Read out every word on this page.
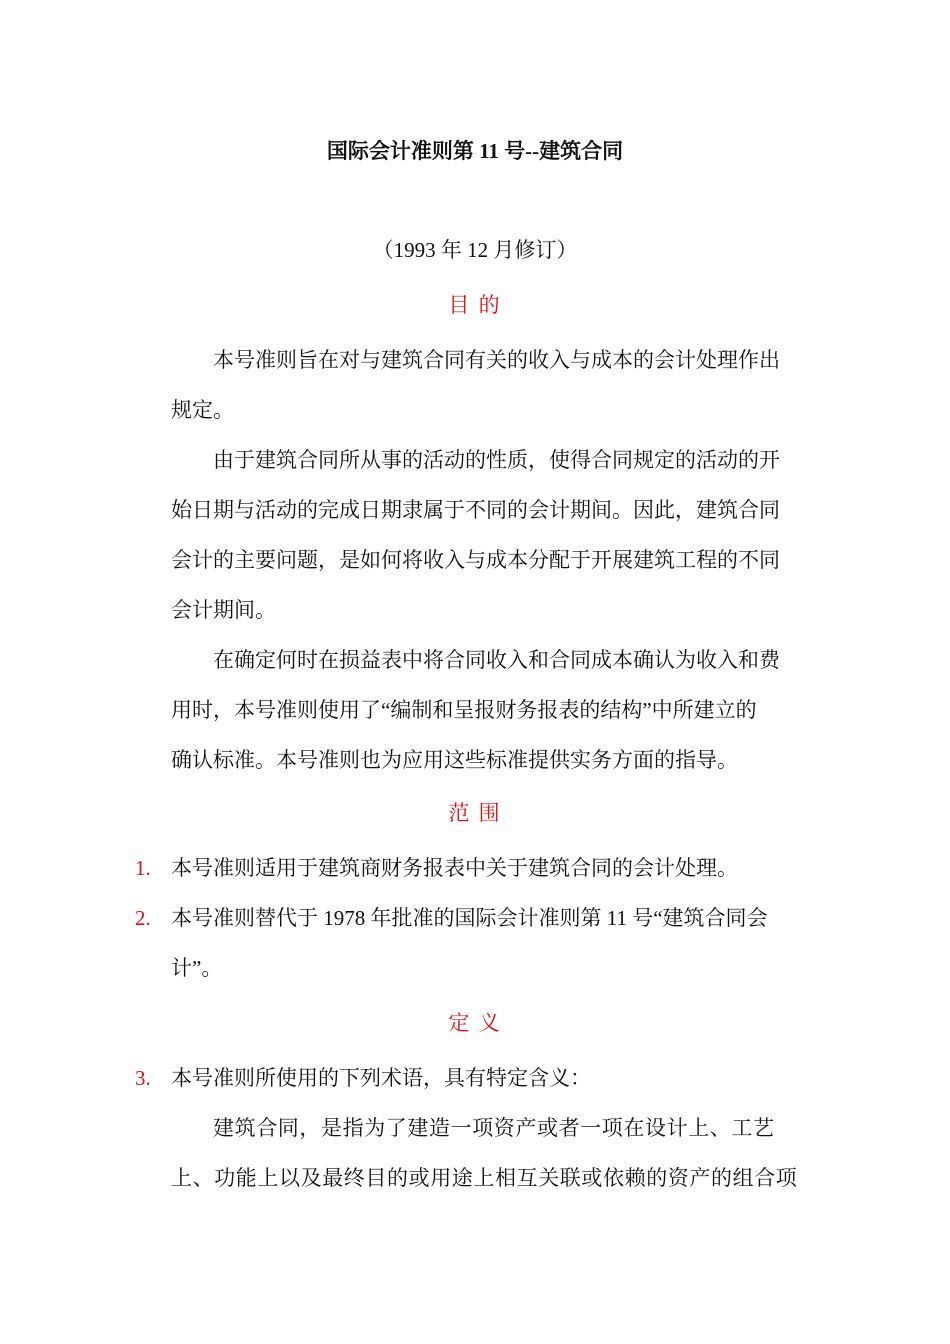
国际会计准则第 11 号--建筑合同
（1993 年 12 月修订）
目 的
本号准则旨在对与建筑合同有关的收入与成本的会计处理作出
规定。
由于建筑合同所从事的活动的性质，使得合同规定的活动的开
始日期与活动的完成日期隶属于不同的会计期间。因此，建筑合同
会计的主要问题，是如何将收入与成本分配于开展建筑工程的不同
会计期间。
在确定何时在损益表中将合同收入和合同成本确认为收入和费
用时，本号准则使用了“编制和呈报财务报表的结构”中所建立的
确认标准。本号准则也为应用这些标准提供实务方面的指导。
范 围
1. 本号准则适用于建筑商财务报表中关于建筑合同的会计处理。
2. 本号准则替代于 1978 年批准的国际会计准则第 11 号“建筑合同会
计”。
定 义
3. 本号准则所使用的下列术语，具有特定含义：
建筑合同，是指为了建造一项资产或者一项在设计上、工艺
上、功能上以及最终目的或用途上相互关联或依赖的资产的组合项
